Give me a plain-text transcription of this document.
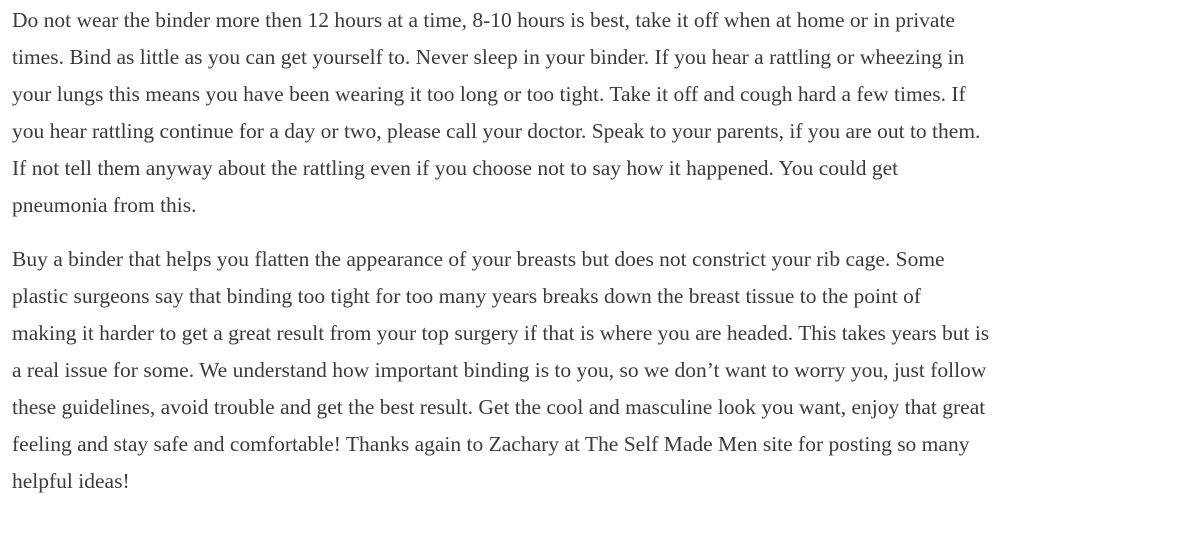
Do not wear the binder more then 12 hours at a time, 8-10 hours is best, take it off when at home or in private
times. Bind as little as you can get yourself to. Never sleep in your binder. If you hear a rattling or wheezing in
your lungs this means you have been wearing it too long or too tight. Take it off and cough hard a few times. If
you hear rattling continue for a day or two, please call your doctor. Speak to your parents, if you are out to them.
If not tell them anyway about the rattling even if you choose not to say how it happened. You could get
pneumonia from this.

Buy a binder that helps you flatten the appearance of your breasts but does not constrict your rib cage. Some
plastic surgeons say that binding too tight for too many years breaks down the breast tissue to the point of
making it harder to get a great result from your top surgery if that is where you are headed. This takes years but is
a real issue for some. We understand how important binding is to you, so we don’t want to worry you, just follow
these guidelines, avoid trouble and get the best result. Get the cool and masculine look you want, enjoy that great
feeling and stay safe and comfortable! Thanks again to Zachary at The Self Made Men site for posting so many
helpful ideas!
